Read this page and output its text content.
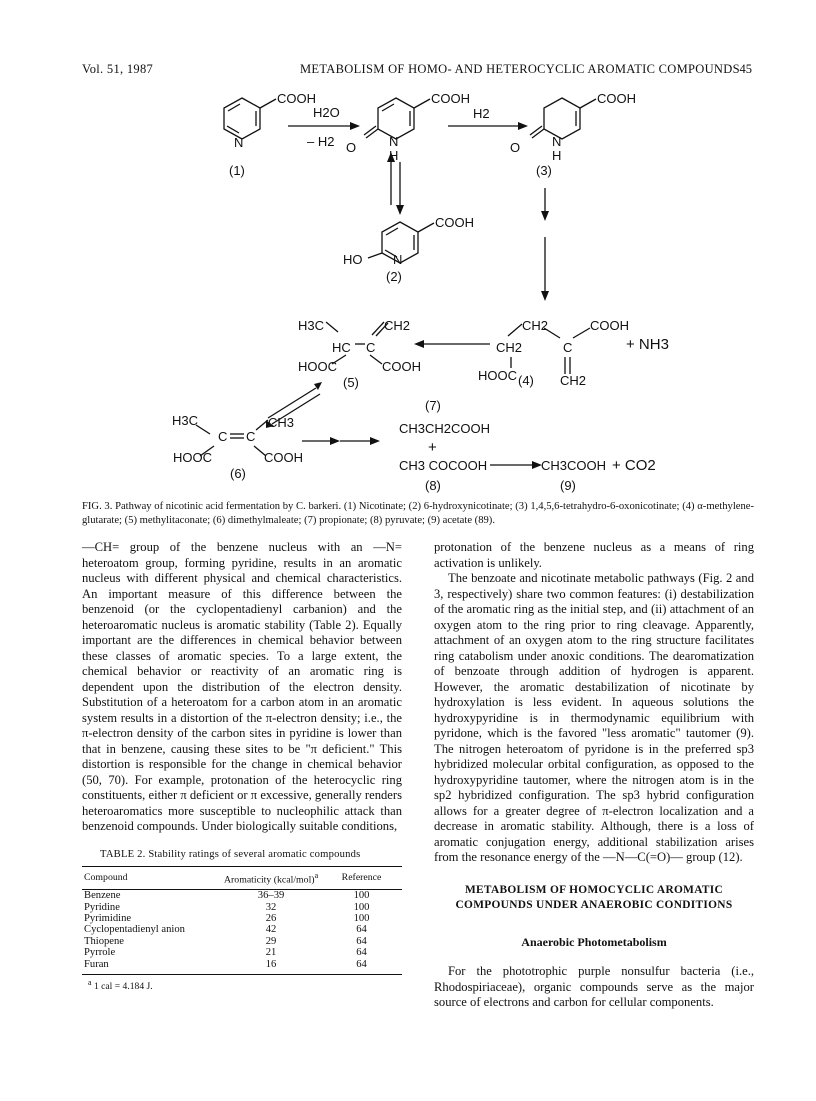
Vol. 51, 1987	METABOLISM OF HOMO- AND HETEROCYCLIC AROMATIC COMPOUNDS 45
COOH
N
(1)
H2O
– H2
COOH
O	N
H
H2
COOH
O N
H
(3)
COOH
HO N
(2)
CH2	COOH
CH2	C	+ NH3
HOOC	CH2
(4)
H3C	CH2
HC C
HOOC	COOH
(5)
H3C	CH3
C C
HOOC	COOH
(6)
(7)
CH3CH2COOH
+
CH3 COCOOH
(8)
CH3COOH + CO2
(9)
FIG. 3. Pathway of nicotinic acid fermentation by C. barkeri. (1) Nicotinate; (2) 6-hydroxynicotinate; (3) 1,4,5,6-tetrahydro-6-oxonicotinate; (4) α-methylene-glutarate; (5) methylitaconate; (6) dimethylmaleate; (7) propionate; (8) pyruvate; (9) acetate (89).

—CH= group of the benzene nucleus with an —N= heteroatom group, forming pyridine, results in an aromatic nucleus with different physical and chemical characteristics. An important measure of this difference between the benzenoid (or the cyclopentadienyl carbanion) and the heteroaromatic nucleus is aromatic stability (Table 2). Equally important are the differences in chemical behavior between these classes of aromatic species. To a large extent, the chemical behavior or reactivity of an aromatic ring is dependent upon the distribution of the electron density. Substitution of a heteroatom for a carbon atom in an aromatic system results in a distortion of the π-electron density; i.e., the π-electron density of the carbon sites in pyridine is lower than that in benzene, causing these sites to be "π deficient." This distortion is responsible for the change in chemical behavior (50, 70). For example, protonation of the heterocyclic ring constituents, either π deficient or π excessive, generally renders heteroaromatics more susceptible to nucleophilic attack than benzenoid compounds. Under biologically suitable conditions,

protonation of the benzene nucleus as a means of ring activation is unlikely.

The benzoate and nicotinate metabolic pathways (Fig. 2 and 3, respectively) share two common features: (i) destabilization of the aromatic ring as the initial step, and (ii) attachment of an oxygen atom to the ring prior to ring cleavage. Apparently, attachment of an oxygen atom to the ring structure facilitates ring catabolism under anoxic conditions. The dearomatization of benzoate through addition of hydrogen is apparent. However, the aromatic destabilization of nicotinate by hydroxylation is less evident. In aqueous solutions the hydroxypyridine is in thermodynamic equilibrium with pyridone, which is the favored "less aromatic" tautomer (9). The nitrogen heteroatom of pyridone is in the preferred sp3 hybridized molecular orbital configuration, as opposed to the hydroxypyridine tautomer, where the nitrogen atom is in the sp2 hybridized configuration. The sp3 hybrid configuration allows for a greater degree of π-electron localization and a decrease in aromatic stability. Although, there is a loss of aromatic conjugation energy, additional stabilization arises from the resonance energy of the —N—C(=O)— group (12).

TABLE 2. Stability ratings of several aromatic compounds
Compound	Aromaticity (kcal/mol)$^a$	Reference
Benzene	36–39	100
Pyridine	32	100
Pyrimidine	26	100
Cyclopentadienyl anion	42	64
Thiopene	29	64
Pyrrole	21	64
Furan	16	64
$^a$ 1 cal = 4.184 J.
METABOLISM OF HOMOCYCLIC AROMATIC COMPOUNDS UNDER ANAEROBIC CONDITIONS
Anaerobic Photometabolism

For the phototrophic purple nonsulfur bacteria (i.e., Rhodospiriaceae), organic compounds serve as the major source of electrons and carbon for cellular components.
